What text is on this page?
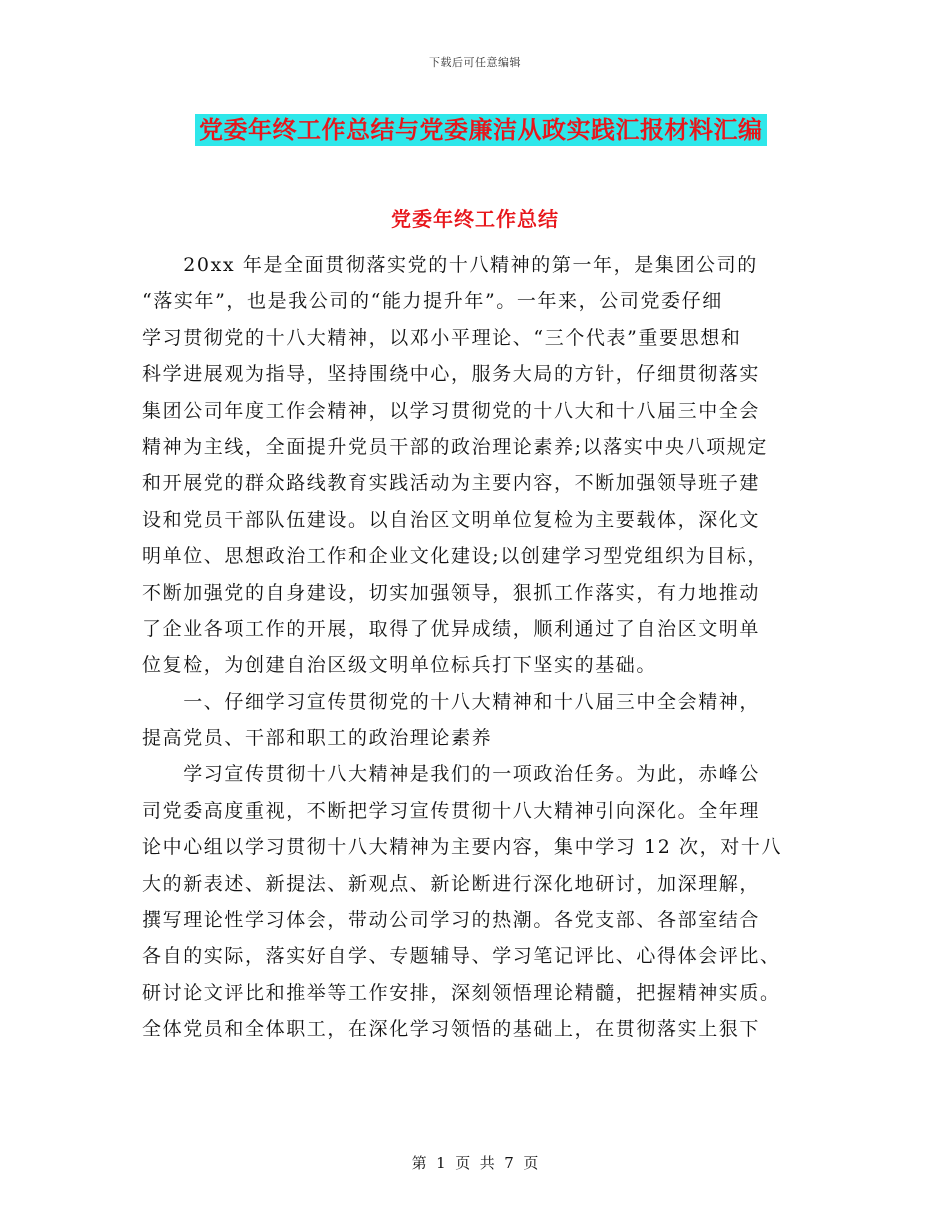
下载后可任意编辑
党委年终工作总结与党委廉洁从政实践汇报材料汇编
党委年终工作总结
　　20xx 年是全面贯彻落实党的十八精神的第一年，是集团公司的
“落实年”，也是我公司的“能力提升年”。一年来，公司党委仔细
学习贯彻党的十八大精神，以邓小平理论、“三个代表”重要思想和
科学进展观为指导，坚持围绕中心，服务大局的方针，仔细贯彻落实
集团公司年度工作会精神，以学习贯彻党的十八大和十八届三中全会
精神为主线，全面提升党员干部的政治理论素养;以落实中央八项规定
和开展党的群众路线教育实践活动为主要内容，不断加强领导班子建
设和党员干部队伍建设。以自治区文明单位复检为主要载体，深化文
明单位、思想政治工作和企业文化建设;以创建学习型党组织为目标，
不断加强党的自身建设，切实加强领导，狠抓工作落实，有力地推动
了企业各项工作的开展，取得了优异成绩，顺利通过了自治区文明单
位复检，为创建自治区级文明单位标兵打下坚实的基础。
　　一、仔细学习宣传贯彻党的十八大精神和十八届三中全会精神，
提高党员、干部和职工的政治理论素养
　　学习宣传贯彻十八大精神是我们的一项政治任务。为此，赤峰公
司党委高度重视，不断把学习宣传贯彻十八大精神引向深化。全年理
论中心组以学习贯彻十八大精神为主要内容，集中学习 12 次，对十八
大的新表述、新提法、新观点、新论断进行深化地研讨，加深理解，
撰写理论性学习体会，带动公司学习的热潮。各党支部、各部室结合
各自的实际，落实好自学、专题辅导、学习笔记评比、心得体会评比、
研讨论文评比和推举等工作安排，深刻领悟理论精髓，把握精神实质。
全体党员和全体职工，在深化学习领悟的基础上，在贯彻落实上狠下
第  1  页  共  7  页
